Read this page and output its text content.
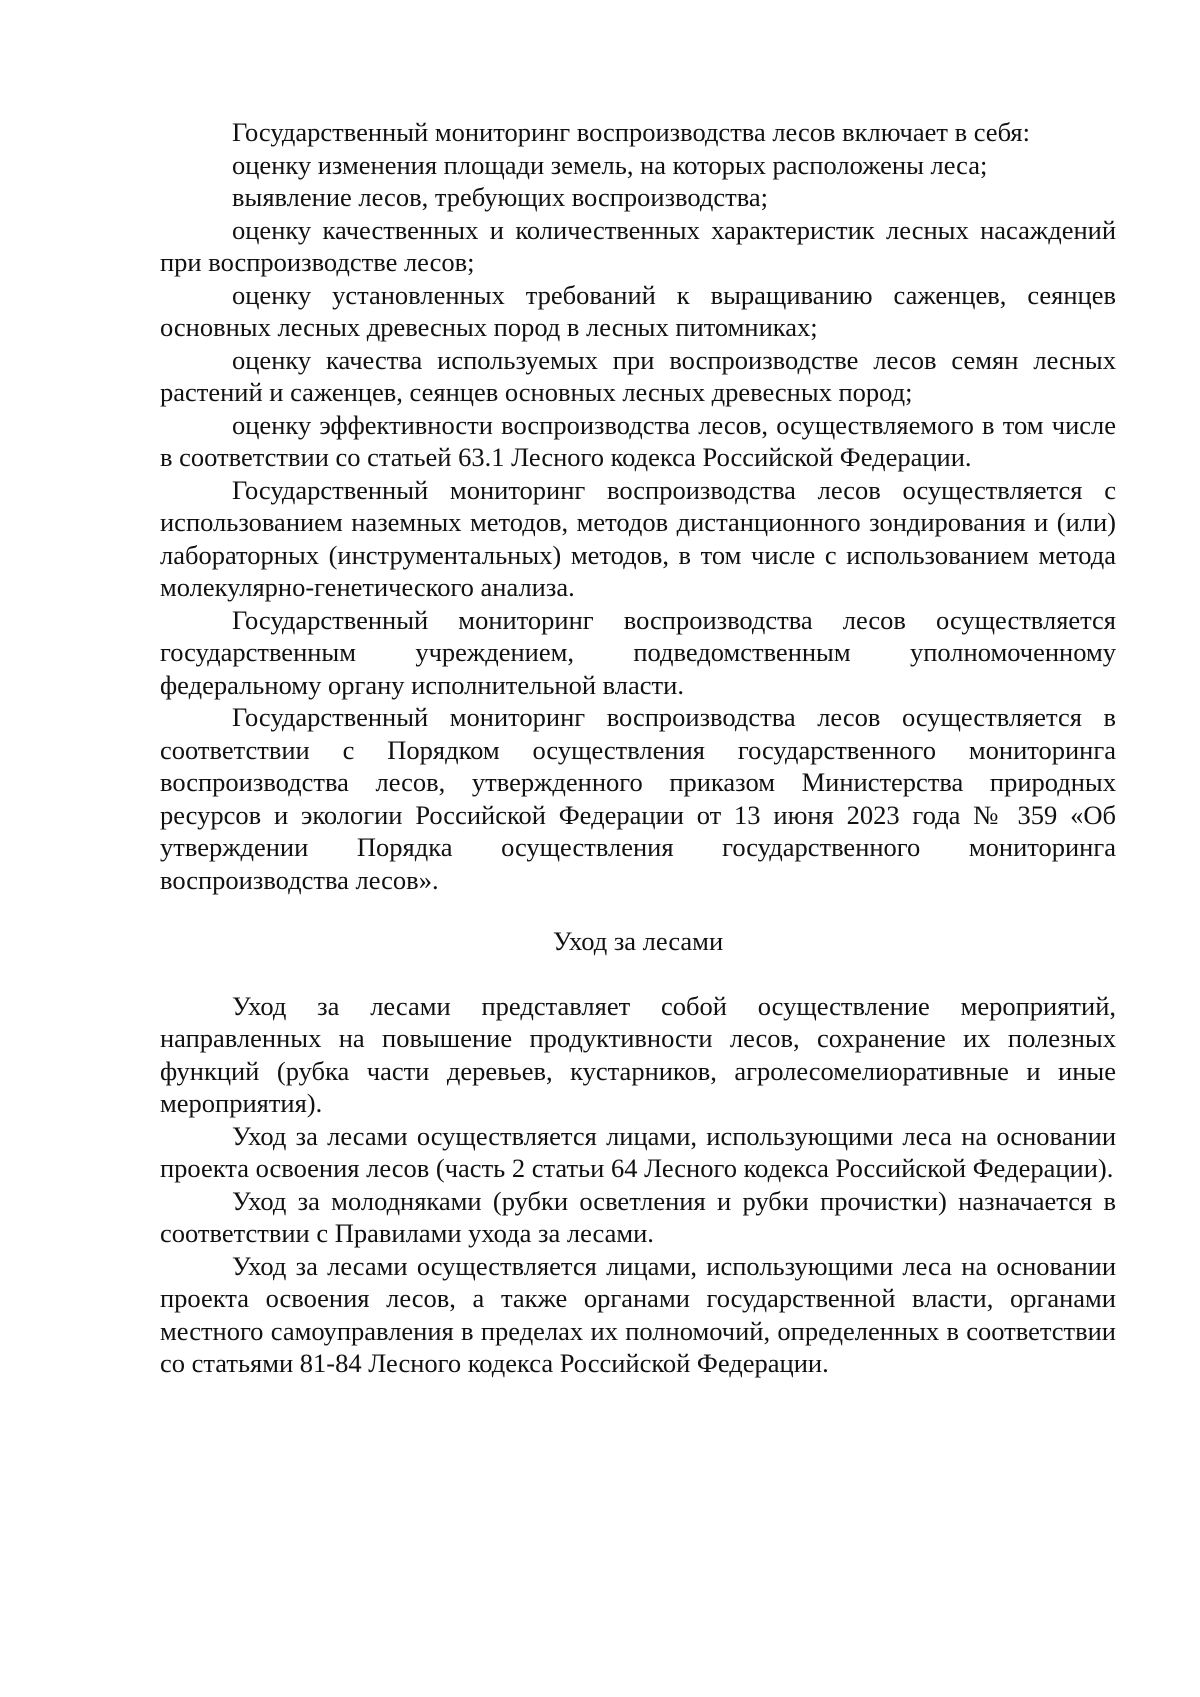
Государственный мониторинг воспроизводства лесов включает в себя:

оценку изменения площади земель, на которых расположены леса;

выявление лесов, требующих воспроизводства;

оценку качественных и количественных характеристик лесных насаждений при воспроизводстве лесов;

оценку установленных требований к выращиванию саженцев, сеянцев основных лесных древесных пород в лесных питомниках;

оценку качества используемых при воспроизводстве лесов семян лесных растений и саженцев, сеянцев основных лесных древесных пород;

оценку эффективности воспроизводства лесов, осуществляемого в том числе в соответствии со статьей 63.1 Лесного кодекса Российской Федерации.

Государственный мониторинг воспроизводства лесов осуществляется с использованием наземных методов, методов дистанционного зондирования и (или) лабораторных (инструментальных) методов, в том числе с использованием метода молекулярно-генетического анализа.

Государственный мониторинг воспроизводства лесов осуществляется государственным учреждением, подведомственным уполномоченному федеральному органу исполнительной власти.

Государственный мониторинг воспроизводства лесов осуществляется в соответствии с Порядком осуществления государственного мониторинга воспроизводства лесов, утвержденного приказом Министерства природных ресурсов и экологии Российской Федерации от 13 июня 2023 года № 359 «Об утверждении Порядка осуществления государственного мониторинга воспроизводства лесов».

Уход за лесами

Уход за лесами представляет собой осуществление мероприятий, направленных на повышение продуктивности лесов, сохранение их полезных функций (рубка части деревьев, кустарников, агролесомелиоративные и иные мероприятия).

Уход за лесами осуществляется лицами, использующими леса на основании проекта освоения лесов (часть 2 статьи 64 Лесного кодекса Российской Федерации).

Уход за молодняками (рубки осветления и рубки прочистки) назначается в соответствии с Правилами ухода за лесами.

Уход за лесами осуществляется лицами, использующими леса на основании проекта освоения лесов, а также органами государственной власти, органами местного самоуправления в пределах их полномочий, определенных в соответствии со статьями 81-84 Лесного кодекса Российской Федерации.
